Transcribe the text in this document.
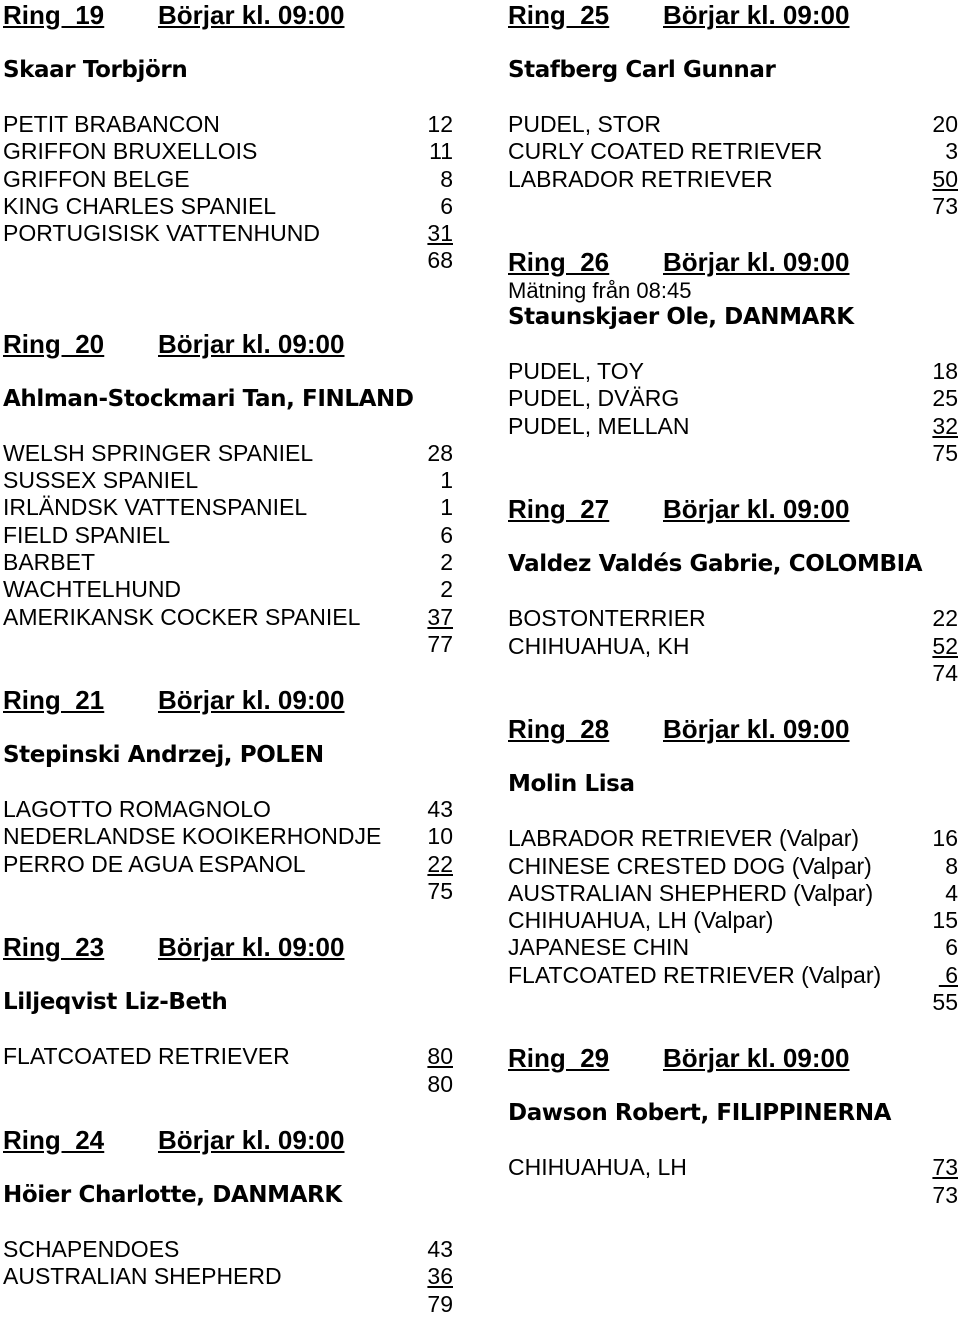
Ring  19	Börjar kl. 09:00
Skaar Torbjörn
PETIT BRABANCON	12
GRIFFON BRUXELLOIS	11
GRIFFON BELGE	8
KING CHARLES SPANIEL	6
PORTUGISISK VATTENHUND	31
68
Ring  20	Börjar kl. 09:00
Ahlman-Stockmari Tan, FINLAND
WELSH SPRINGER SPANIEL	28
SUSSEX SPANIEL	1
IRLÄNDSK VATTENSPANIEL	1
FIELD SPANIEL	6
BARBET	2
WACHTELHUND	2
AMERIKANSK COCKER SPANIEL	37
77
Ring  21	Börjar kl. 09:00
Stepinski Andrzej, POLEN
LAGOTTO ROMAGNOLO	43
NEDERLANDSE KOOIKERHONDJE 10
PERRO DE AGUA ESPANOL	22
75
Ring  23	Börjar kl. 09:00
Liljeqvist Liz-Beth
FLATCOATED RETRIEVER	80
80
Ring  24	Börjar kl. 09:00
Höier Charlotte, DANMARK
SCHAPENDOES	43
AUSTRALIAN SHEPHERD	36
79
Ring  25	Börjar kl. 09:00
Stafberg Carl Gunnar
PUDEL, STOR	20
CURLY COATED RETRIEVER	3
LABRADOR RETRIEVER	50
73
Ring  26	Börjar kl. 09:00
Mätning från 08:45
Staunskjaer Ole, DANMARK
PUDEL, TOY	18
PUDEL, DVÄRG	25
PUDEL, MELLAN	32
75
Ring  27	Börjar kl. 09:00
Valdez Valdés Gabrie, COLOMBIA
BOSTONTERRIER	22
CHIHUAHUA, KH	52
74
Ring  28	Börjar kl. 09:00
Molin Lisa
LABRADOR RETRIEVER (Valpar)	16
CHINESE CRESTED DOG (Valpar)	8
AUSTRALIAN SHEPHERD (Valpar)	4
CHIHUAHUA, LH (Valpar)	15
JAPANESE CHIN	6
FLATCOATED RETRIEVER (Valpar)	6
55
Ring  29	Börjar kl. 09:00
Dawson Robert, FILIPPINERNA
CHIHUAHUA, LH	73
73
